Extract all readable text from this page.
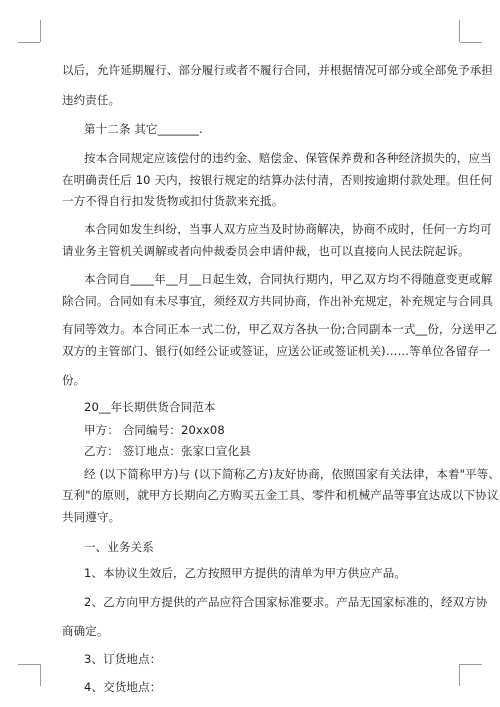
以后，允许延期履行、部分履行或者不履行合同，并根据情况可部分或全部免予承担
违约责任。
第十二条 其它_______.
按本合同规定应该偿付的违约金、赔偿金、保管保养费和各种经济损失的，应当
在明确责任后 10 天内，按银行规定的结算办法付清，否则按逾期付款处理。但任何
一方不得自行扣发货物或扣付货款来充抵。
本合同如发生纠纷，当事人双方应当及时协商解决，协商不成时，任何一方均可
请业务主管机关调解或者向仲裁委员会申请仲裁，也可以直接向人民法院起诉。
本合同自____年__月__日起生效，合同执行期内，甲乙双方均不得随意变更或解
除合同。合同如有未尽事宜，须经双方共同协商，作出补充规定，补充规定与合同具
有同等效力。本合同正本一式二份，甲乙双方各执一份;合同副本一式__份，分送甲乙
双方的主管部门、银行(如经公证或签证，应送公证或签证机关)……等单位各留存一
份。
20__年长期供货合同范本
甲方： 合同编号：20xx08
乙方： 签订地点：张家口宣化县
经 (以下简称甲方)与 (以下简称乙方)友好协商，依照国家有关法律，本着"平等、
互利"的原则，就甲方长期向乙方购买五金工具、零件和机械产品等事宜达成以下协议
共同遵守。
一、业务关系
1、本协议生效后，乙方按照甲方提供的清单为甲方供应产品。
2、乙方向甲方提供的产品应符合国家标准要求。产品无国家标准的，经双方协
商确定。
3、订货地点：
4、交货地点：
